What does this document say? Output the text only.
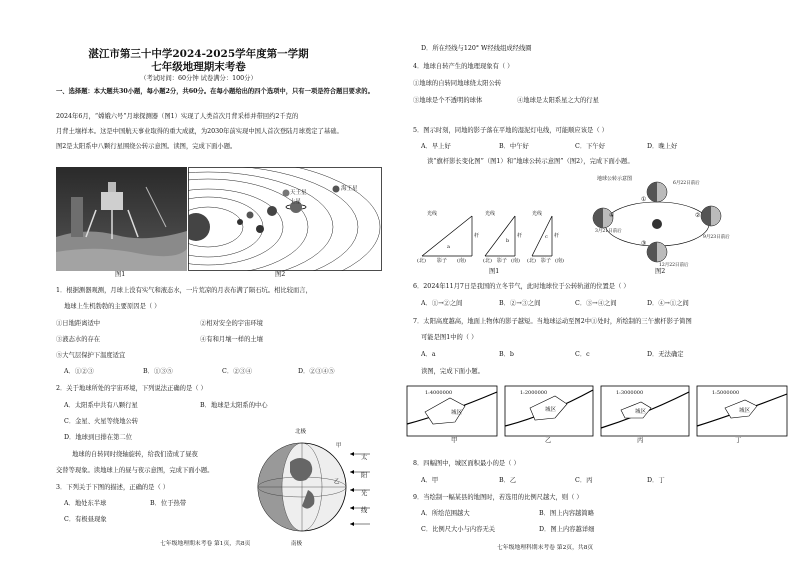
湛江市第三十中学2024-2025学年度第一学期
七年级地理期末考卷
（考试时间：60分钟 试卷满分：100分）
一、选择题：本大题共30小题，每小题2分，共60分。在每小题给出的四个选项中，只有一项是符合题目要求的。
2024年6月，“嫦娥六号”月球探测器（图1）实现了人类首次月背采样并带回约2千克的
月背土壤样本。这是中国航天事业取得的重大成就，为2030年前实现中国人首次登陆月球奠定了基础。
图2是太阳系中八颗行星围绕公转示意图。读图，完成下面小题。
图1
天王星
海王星
土星
图2
1．根据测器观测，月球上没有实气和液态水，一片荒凉的月表布满了陨石坑。相比较而言，
地球上生机勃勃的主要原因是（ ）
①日地距离适中	②相对安全的宇宙环境
③液态水的存在	④有和月壤一样的土壤
⑤大气层保护下温度适宜
A．①②③	B．①③⑤	C．②③④	D．②③④⑤
2．关于地球所处的宇宙环境，下列说法正确的是（ ）
A．太阳系中共有八颗行星	B．地球是太阳系的中心
C．金星、火星等绕地公转
D．地球到日排在第二位
地球的自转同时绕轴旋转，给我们造成了昼夜
交替等现象。读地球上的昼与夜示意图，完成下面小题。
北极
南极
甲
乙
太
阳
光
线
3．下列关于下图的描述，正确的是（ ）
A．地处东半球	B．位于热带
C．有极昼现象
七年级地理期末考卷 第1页，共8页
D．所在经线与120° W经线组成经线圈
4．地球自转产生的地理现象有（ ）
①地球的自转同地球绕太阳公转
③地球是个不透明的球体	④地球是太阳系星之大的行星
5．图示时刻，同地的影子落在平地的湿泥灯电线，可能顺应该是（ ）
A．早上好	B．中午好	C．下午好	D．晚上好
读“旗杆影长变化图”（图1）和“地球公转示意图”（图2），完成下面小题。
光线	光线	光线
a
b
c
杆	杆	杆
(北) 影子 (南)	(北) 影子 (南) (北) 影子 (南)
图1
地球公转示意图
6月22日前后
9月23日前后
12月22日前后
3月21日前后
①
②
③
④
图2
6．2024年11月7日是我国的立冬节气，此时地球位于公转轨道的位置是（ ）
A．①→②之间	B．②→③之间	C．③→④之间	D．④→①之间
7．太阳高度越高，地面上物体的影子越短。当地球运动至图2中①处时，所绘制的三午旗杆影子简图
可能是图1中的（ ）
A．a	B．b	C．c	D．无法确定
读图，完成下面小题。
1:4000000	1:2000000	1:3000000	1:5000000
城区	城区	城区	城区
甲	乙	丙	丁
8．四幅图中，城区面积最小的是（ ）
A．甲	B．乙	C．丙	D．丁
9．当绘制一幅某县的地图时，若选用的比例尺越大，则（ ）
A．所绘范围越大	B．图上内容越简略
C．比例尺大小与内容无关	D．图上内容越详细
七年级地理科期末考卷 第2页，共8页
